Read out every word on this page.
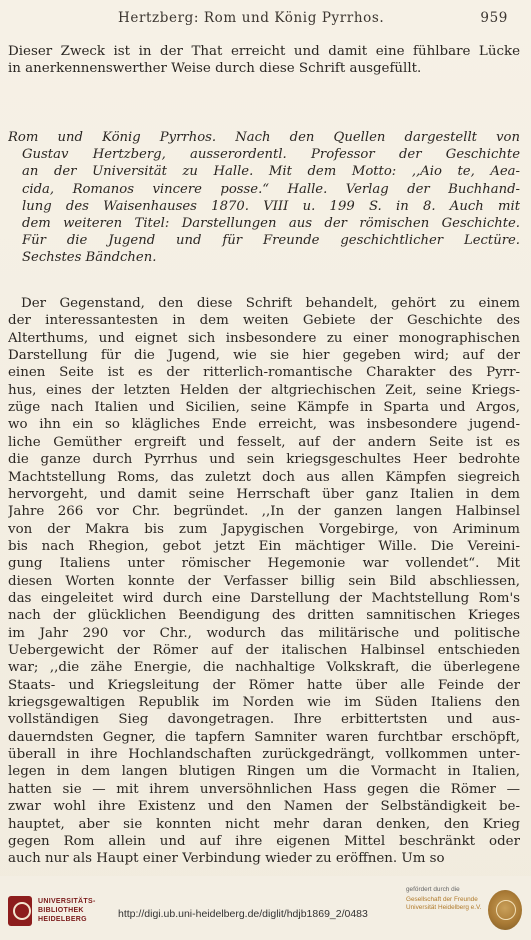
Hertzberg: Rom und König Pyrrhos.	959
Dieser Zweck ist in der That erreicht und damit eine fühlbare Lücke
in anerkennenswerther Weise durch diese Schrift ausgefüllt.
Rom und König Pyrrhos. Nach den Quellen dargestellt von
Gustav Hertzberg, ausserordentl. Professor der Geschichte
an der Universität zu Halle. Mit dem Motto: ,,Aio te, Aea-
cida, Romanos vincere posse.“ Halle. Verlag der Buchhand-
lung des Waisenhauses 1870. VIII u. 199 S. in 8. Auch mit
dem weiteren Titel: Darstellungen aus der römischen Geschichte.
Für die Jugend und für Freunde geschichtlicher Lectüre.
Sechstes Bändchen.
Der Gegenstand, den diese Schrift behandelt, gehört zu einem
der interessantesten in dem weiten Gebiete der Geschichte des
Alterthums, und eignet sich insbesondere zu einer monographischen
Darstellung für die Jugend, wie sie hier gegeben wird; auf der
einen Seite ist es der ritterlich-romantische Charakter des Pyrr-
hus, eines der letzten Helden der altgriechischen Zeit, seine Kriegs-
züge nach Italien und Sicilien, seine Kämpfe in Sparta und Argos,
wo ihn ein so klägliches Ende erreicht, was insbesondere jugend-
liche Gemüther ergreift und fesselt, auf der andern Seite ist es
die ganze durch Pyrrhus und sein kriegsgeschultes Heer bedrohte
Machtstellung Roms, das zuletzt doch aus allen Kämpfen siegreich
hervorgeht, und damit seine Herrschaft über ganz Italien in dem
Jahre 266 vor Chr. begründet. ,,In der ganzen langen Halbinsel
von der Makra bis zum Japygischen Vorgebirge, von Ariminum
bis nach Rhegion, gebot jetzt Ein mächtiger Wille. Die Vereini-
gung Italiens unter römischer Hegemonie war vollendet“. Mit
diesen Worten konnte der Verfasser billig sein Bild abschliessen,
das eingeleitet wird durch eine Darstellung der Machtstellung Rom's
nach der glücklichen Beendigung des dritten samnitischen Krieges
im Jahr 290 vor Chr., wodurch das militärische und politische
Uebergewicht der Römer auf der italischen Halbinsel entschieden
war; ,,die zähe Energie, die nachhaltige Volkskraft, die überlegene
Staats- und Kriegsleitung der Römer hatte über alle Feinde der
kriegsgewaltigen Republik im Norden wie im Süden Italiens den
vollständigen Sieg davongetragen. Ihre erbittertsten und aus-
dauerndsten Gegner, die tapfern Samniter waren furchtbar erschöpft,
überall in ihre Hochlandschaften zurückgedrängt, vollkommen unter-
legen in dem langen blutigen Ringen um die Vormacht in Italien,
hatten sie — mit ihrem unversöhnlichen Hass gegen die Römer —
zwar wohl ihre Existenz und den Namen der Selbständigkeit be-
hauptet, aber sie konnten nicht mehr daran denken, den Krieg
gegen Rom allein und auf ihre eigenen Mittel beschränkt oder
auch nur als Haupt einer Verbindung wieder zu eröffnen. Um so
UNIVERSITÄTS-
BIBLIOTHEK
HEIDELBERG	http://digi.ub.uni-heidelberg.de/diglit/hdjb1869_2/0483
gefördert durch die
Gesellschaft der Freunde
Universität Heidelberg e.V.
